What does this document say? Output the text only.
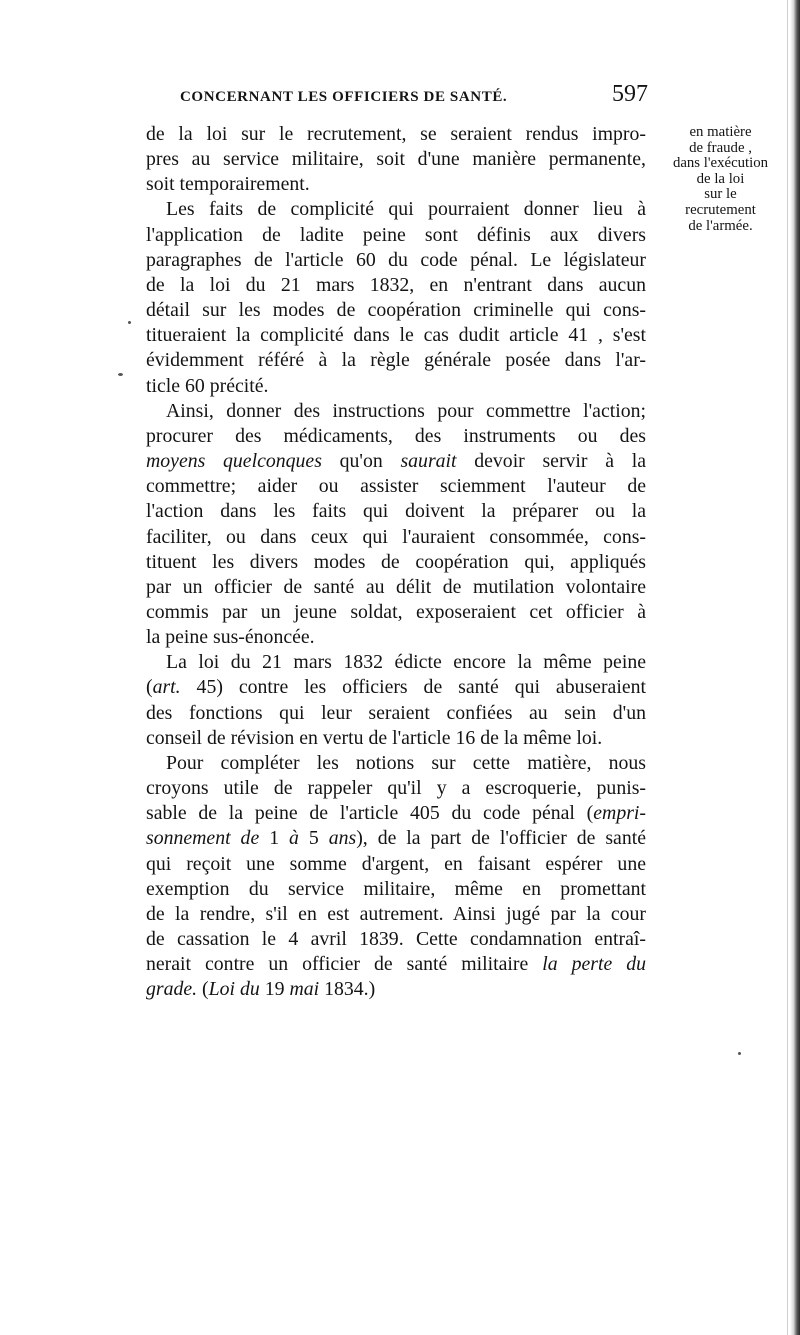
CONCERNANT LES OFFICIERS DE SANTÉ.	597
en matière
de fraude ,
dans l'exécution
de la loi
sur le
recrutement
de l'armée.
de la loi sur le recrutement, se seraient rendus impro-
pres au service militaire, soit d'une manière permanente,
soit temporairement.
Les faits de complicité qui pourraient donner lieu à
l'application de ladite peine sont définis aux divers
paragraphes de l'article 60 du code pénal. Le législateur
de la loi du 21 mars 1832, en n'entrant dans aucun
détail sur les modes de coopération criminelle qui cons-
titueraient la complicité dans le cas dudit article 41 , s'est
évidemment référé à la règle générale posée dans l'ar-
ticle 60 précité.
Ainsi, donner des instructions pour commettre l'action;
procurer des médicaments, des instruments ou des
moyens quelconques qu'on saurait devoir servir à la
commettre; aider ou assister sciemment l'auteur de
l'action dans les faits qui doivent la préparer ou la
faciliter, ou dans ceux qui l'auraient consommée, cons-
tituent les divers modes de coopération qui, appliqués
par un officier de santé au délit de mutilation volontaire
commis par un jeune soldat, exposeraient cet officier à
la peine sus-énoncée.
La loi du 21 mars 1832 édicte encore la même peine
(art. 45) contre les officiers de santé qui abuseraient
des fonctions qui leur seraient confiées au sein d'un
conseil de révision en vertu de l'article 16 de la même loi.
Pour compléter les notions sur cette matière, nous
croyons utile de rappeler qu'il y a escroquerie, punis-
sable de la peine de l'article 405 du code pénal (empri-
sonnement de 1 à 5 ans), de la part de l'officier de santé
qui reçoit une somme d'argent, en faisant espérer une
exemption du service militaire, même en promettant
de la rendre, s'il en est autrement. Ainsi jugé par la cour
de cassation le 4 avril 1839. Cette condamnation entraî-
nerait contre un officier de santé militaire la perte du
grade. (Loi du 19 mai 1834.)
